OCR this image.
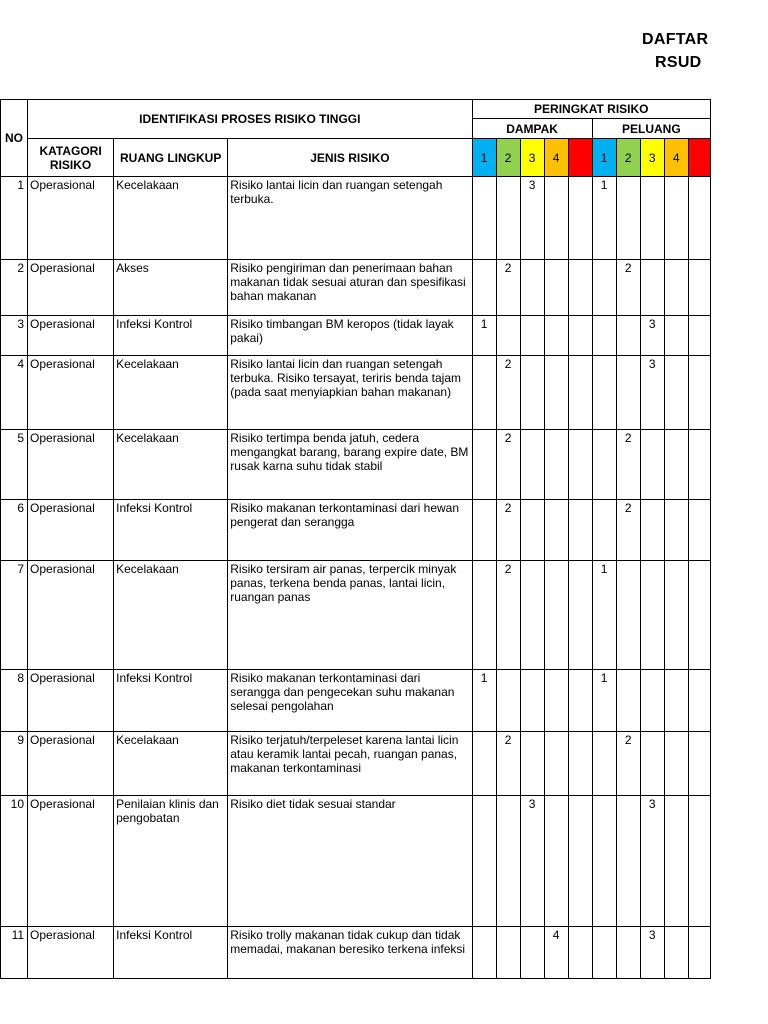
DAFTAR
RSUD
NO	IDENTIFIKASI PROSES RISIKO TINGGI			PERINGKAT RISIKO									
				DAMPAK					PELUANG				
	KATAGORI RISIKO	RUANG LINGKUP	JENIS RISIKO	1	2	3	4	5	1	2	3	4	5
1	Operasional	Kecelakaan	Risiko lantai licin dan ruangan setengah terbuka.			3			1				
2	Operasional	Akses	Risiko pengiriman dan penerimaan bahan makanan tidak sesuai aturan dan spesifikasi bahan makanan		2					2			
3	Operasional	Infeksi Kontrol	Risiko timbangan BM keropos (tidak layak pakai)	1							3		
4	Operasional	Kecelakaan	Risiko lantai licin dan ruangan setengah terbuka. Risiko tersayat, teriris benda tajam (pada saat menyiapkian bahan makanan)		2						3		
5	Operasional	Kecelakaan	Risiko tertimpa benda jatuh, cedera mengangkat barang, barang expire date, BM rusak karna suhu tidak stabil		2					2			
6	Operasional	Infeksi Kontrol	Risiko makanan terkontaminasi dari hewan pengerat dan serangga		2					2			
7	Operasional	Kecelakaan	Risiko tersiram air panas, terpercik minyak panas, terkena benda panas, lantai licin, ruangan panas		2				1				
8	Operasional	Infeksi Kontrol	Risiko makanan terkontaminasi dari serangga dan pengecekan suhu makanan selesai pengolahan	1					1				
9	Operasional	Kecelakaan	Risiko terjatuh/terpeleset karena lantai licin atau keramik lantai pecah, ruangan panas, makanan terkontaminasi		2					2			
10	Operasional	Penilaian klinis dan pengobatan	Risiko diet tidak sesuai standar			3					3		
11	Operasional	Infeksi Kontrol	Risiko trolly makanan tidak cukup dan tidak memadai, makanan beresiko terkena infeksi				4				3		
